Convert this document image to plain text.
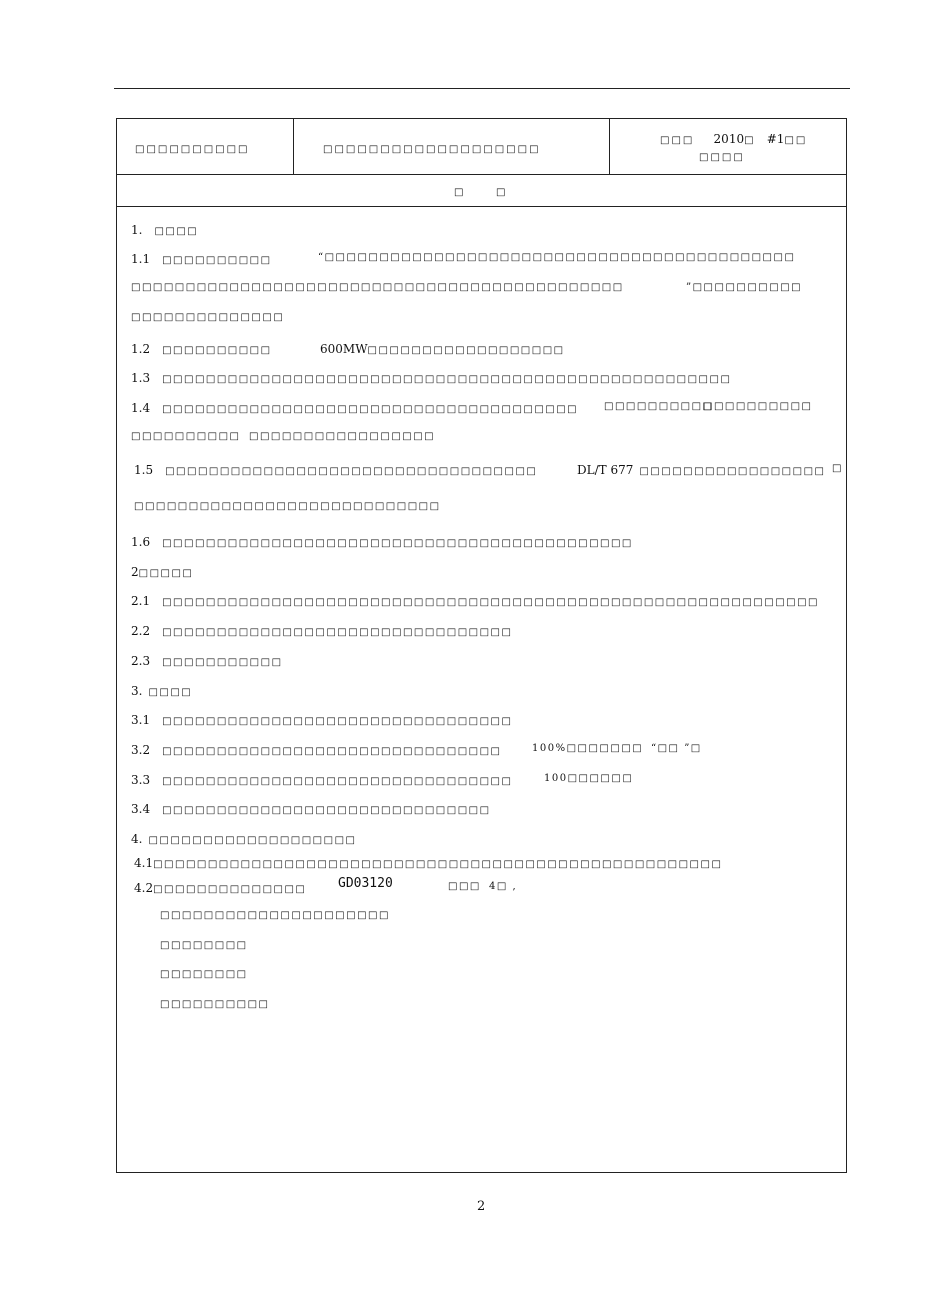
□□□□□□□□□□	□□□□□□□□□□□□□□□□□□□
□□□ 2010□ #1□□
□□□□
□	□
1. □□□□
1.1 □□□□□□□□□□	“□□□□□□□□□□□□□□□□□□□□□□□□□□□□□□□□□□□□□□□□□□□
□□□□□□□□□□□□□□□□□□□□□□□□□□□□□□□□□□□□□□□□□□□□□	”□□□□□□□□□□
□□□□□□□□□□□□□□
1.2 □□□□□□□□□□	600MW□□□□□□□□□□□□□□□□□□
1.3 □□□□□□□□□□□□□□□□□□□□□□□□□□□□□□□□□□□□□□□□□□□□□□□□□□□□
1.4 □□□□□□□□□□□□□□□□□□□□□□□□□□□□□□□□□□□□□□	□□□□□□□□□□
□□□□□□□□□□
□□□□□□□□□□ □□□□□□□□□□□□□□□□□
1.5 □□□□□□□□□□□□□□□□□□□□□□□□□□□□□□□□□□	DL/T 677 □□□□□□□□□□□□□□□□□ □
□□□□□□□□□□□□□□□□□□□□□□□□□□□□
1.6 □□□□□□□□□□□□□□□□□□□□□□□□□□□□□□□□□□□□□□□□□□□
2□□□□□
2.1 □□□□□□□□□□□□□□□□□□□□□□□□□□□□□□□□□□□□□□□□□□□□□□□□□□□□□□□□□□□□
2.2 □□□□□□□□□□□□□□□□□□□□□□□□□□□□□□□□
2.3 □□□□□□□□□□□
3. □□□□
3.1 □□□□□□□□□□□□□□□□□□□□□□□□□□□□□□□□
3.2 □□□□□□□□□□□□□□□□□□□□□□□□□□□□□□□	100%□□□□□□□ “□□ ”□
3.3 □□□□□□□□□□□□□□□□□□□□□□□□□□□□□□□□	100□□□□□□
3.4 □□□□□□□□□□□□□□□□□□□□□□□□□□□□□□
4. □□□□□□□□□□□□□□□□□□□
4.1□□□□□□□□□□□□□□□□□□□□□□□□□□□□□□□□□□□□□□□□□□□□□□□□□□□□
4.2□□□□□□□□□□□□□□ GD03120	□□□ 4□ ,
□□□□□□□□□□□□□□□□□□□□□
□□□□□□□□
□□□□□□□□
□□□□□□□□□□
2
